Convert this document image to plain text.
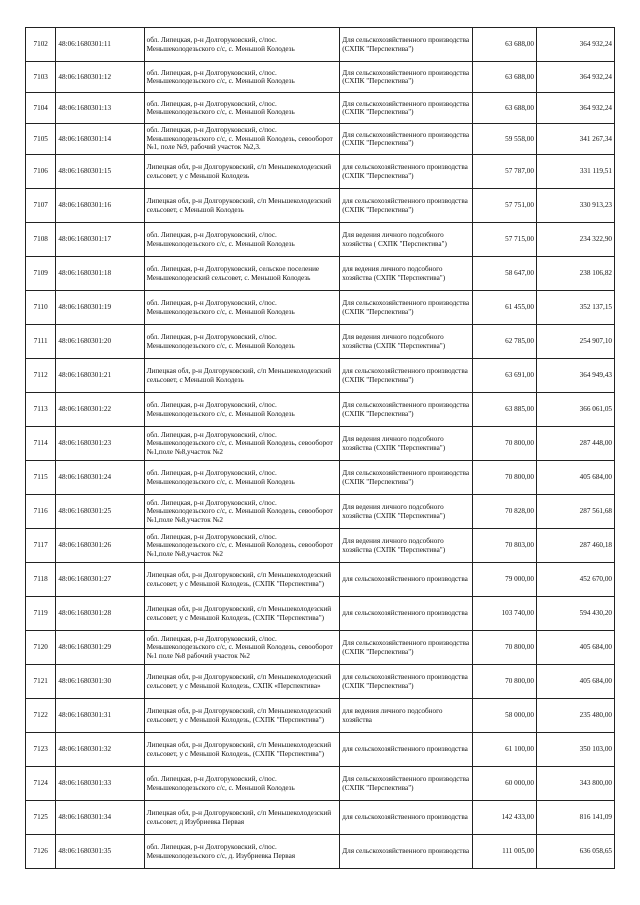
7102	48:06:1680301:11	обл. Липецкая, р-н Долгоруковский, с/пос. Меньшеколодезьского с/с, с. Меньшой Колодезь	Для сельскохозяйственного производства (СХПК "Перспектива")	63 688,00	364 932,24
7103	48:06:1680301:12	обл. Липецкая, р-н Долгоруковский, с/пос. Меньшеколодезьского с/с, с. Меньшой Колодезь	Для сельскохозяйственного производства (СХПК "Перспектива")	63 688,00	364 932,24
7104	48:06:1680301:13	обл. Липецкая, р-н Долгоруковский, с/пос. Меньшеколодезьского с/с, с. Меньшой Колодезь	Для сельскохозяйственного производства (СХПК "Перспектива")	63 688,00	364 932,24
7105	48:06:1680301:14	обл. Липецкая, р-н Долгоруковский, с/пос. Меньшеколодезьского с/с, с. Меньшой Колодезь, севооборот №1, поле №9, рабочий участок №2,3.	Для сельскохозяйственного производства (СХПК "Перспектива")	59 558,00	341 267,34
7106	48:06:1680301:15	Липецкая обл, р-н Долгоруковский, с/п Меньшеколодезский сельсовет, у с Меньшой Колодезь	для сельскохозяйственного производства (СХПК "Перспектива")	57 787,00	331 119,51
7107	48:06:1680301:16	Липецкая обл, р-н Долгоруковский, с/п Меньшеколодезский сельсовет, с Меньшой Колодезь	для сельскохозяйственного производства (СХПК "Перспектива")	57 751,00	330 913,23
7108	48:06:1680301:17	обл. Липецкая, р-н Долгоруковский, с/пос. Меньшеколодезьского с/с, с. Меньшой Колодезь	Для ведения личного подсобного хозяйства ( СХПК "Перспектива")	57 715,00	234 322,90
7109	48:06:1680301:18	обл. Липецкая, р-н Долгоруковский, сельское поселение Меньшеколодезский сельсовет, с. Меньшой Колодезь	для ведения личного подсобного хозяйства (СХПК "Перспектива")	58 647,00	238 106,82
7110	48:06:1680301:19	обл. Липецкая, р-н Долгоруковский, с/пос. Меньшеколодезьского с/с, с. Меньшой Колодезь	Для сельскохозяйственного производства (СХПК "Перспектива")	61 455,00	352 137,15
7111	48:06:1680301:20	обл. Липецкая, р-н Долгоруковский, с/пос. Меньшеколодезьского с/с, с. Меньшой Колодезь	Для ведения личного подсобного хозяйства (СХПК "Перспектива")	62 785,00	254 907,10
7112	48:06:1680301:21	Липецкая обл, р-н Долгоруковский, с/п Меньшеколодезский сельсовет, с Меньшой Колодезь	для сельскохозяйственного производства (СХПК "Перспектива")	63 691,00	364 949,43
7113	48:06:1680301:22	обл. Липецкая, р-н Долгоруковский, с/пос. Меньшеколодезьского с/с, с. Меньшой Колодезь	Для сельскохозяйственного производства (СХПК "Перспектива")	63 885,00	366 061,05
7114	48:06:1680301:23	обл. Липецкая, р-н Долгоруковский, с/пос. Меньшеколодезьского с/с, с. Меньшой Колодезь, севооборот №1,поле №8,участок №2	Для ведения личного подсобного хозяйства (СХПК "Перспектива")	70 800,00	287 448,00
7115	48:06:1680301:24	обл. Липецкая, р-н Долгоруковский, с/пос. Меньшеколодезьского с/с, с. Меньшой Колодезь	Для сельскохозяйственного производства (СХПК "Перспектива")	70 800,00	405 684,00
7116	48:06:1680301:25	обл. Липецкая, р-н Долгоруковский, с/пос. Меньшеколодезьского с/с, с. Меньшой Колодезь, севооборот №1,поле №8,участок №2	Для ведения личного подсобного хозяйства (СХПК "Перспектива")	70 828,00	287 561,68
7117	48:06:1680301:26	обл. Липецкая, р-н Долгоруковский, с/пос. Меньшеколодезьского с/с, с. Меньшой Колодезь, севооборот №1,поле №8,участок №2	Для ведения личного подсобного хозяйства (СХПК "Перспектива")	70 803,00	287 460,18
7118	48:06:1680301:27	Липецкая обл, р-н Долгоруковский, с/п Меньшеколодезский сельсовет, у с Меньшой Колодезь, (СХПК "Перспектива")	для сельскохозяйственного производства	79 000,00	452 670,00
7119	48:06:1680301:28	Липецкая обл, р-н Долгоруковский, с/п Меньшеколодезский сельсовет, у с Меньшой Колодезь, (СХПК "Перспектива")	для сельскохозяйственного производства	103 740,00	594 430,20
7120	48:06:1680301:29	обл. Липецкая, р-н Долгоруковский, с/пос. Меньшеколодезьского с/с, с. Меньшой Колодезь, севооборот №1 поле №8 рабочий участок №2	Для сельскохозяйственного производства (СХПК "Перспектива")	70 800,00	405 684,00
7121	48:06:1680301:30	Липецкая обл, р-н Долгоруковский, с/п Меньшеколодезский сельсовет, у с Меньшой Колодезь, СХПК «Перспектива»	для сельскохозяйственного производства (СХПК "Перспектива")	70 800,00	405 684,00
7122	48:06:1680301:31	Липецкая обл, р-н Долгоруковский, с/п Меньшеколодезский сельсовет, у с Меньшой Колодезь, (СХПК "Перспектива")	для ведения личного подсобного хозяйства	58 000,00	235 480,00
7123	48:06:1680301:32	Липецкая обл, р-н Долгоруковский, с/п Меньшеколодезский сельсовет, у с Меньшой Колодезь, (СХПК "Перспектива")	для сельскохозяйственного производства	61 100,00	350 103,00
7124	48:06:1680301:33	обл. Липецкая, р-н Долгоруковский, с/пос. Меньшеколодезьского с/с, с. Меньшой Колодезь	Для сельскохозяйственного производства (СХПК "Перспектива")	60 000,00	343 800,00
7125	48:06:1680301:34	Липецкая обл, р-н Долгоруковский, с/п Меньшеколодезский сельсовет, д Изубриевка Первая	для сельскохозяйственного производства	142 433,00	816 141,09
7126	48:06:1680301:35	обл. Липецкая, р-н Долгоруковский, с/пос. Меньшеколодезьского с/с, д. Изубриевка Первая	Для сельскохозяйственного производства	111 005,00	636 058,65
